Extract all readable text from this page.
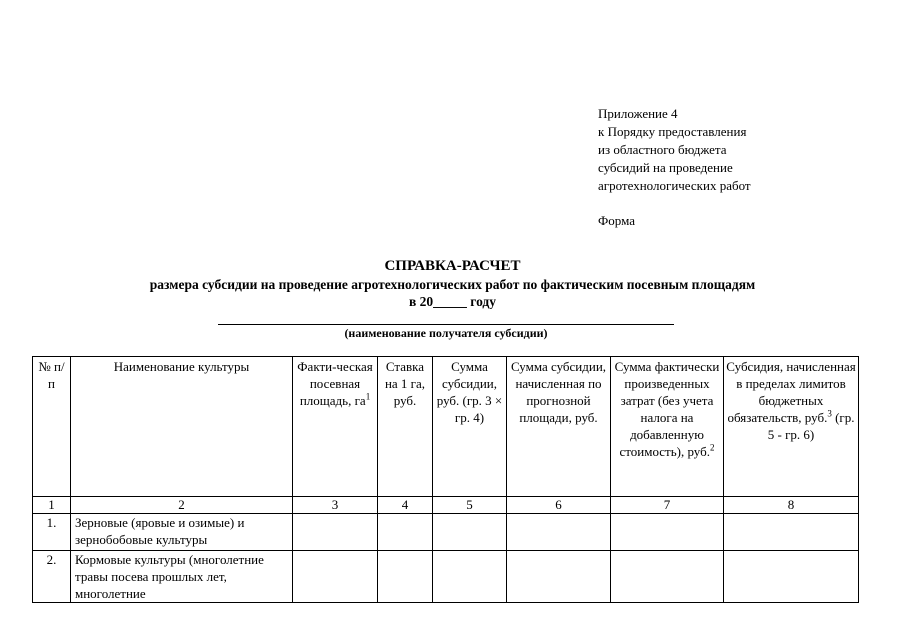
Приложение 4
к Порядку предоставления
из областного бюджета
субсидий на проведение
агротехнологических работ
Форма
СПРАВКА-РАСЧЕТ
размера субсидии на проведение агротехнологических работ по фактическим посевным площадям
в 20_____ году
(наименование получателя субсидии)
№ п/п	Наименование культуры	Факти-ческая посевная площадь, $га^1$	Ставка на 1 га, руб.	Сумма субсидии, руб. (гр. 3 × гр. 4)	Сумма субсидии, начисленная по прогнозной площади, руб.	Сумма фактически произведенных затрат (без учета налога на добавленную стоимость), руб.$^2$	Субсидия, начисленная в пределах лимитов бюджетных обязательств, руб.$^3$ (гр. 5 - гр. 6)
1	2	3	4	5	6	7	8
1.	Зерновые (яровые и озимые) и зернобобовые культуры						
2.	Кормовые культуры (многолетние травы посева прошлых лет, многолетние						
